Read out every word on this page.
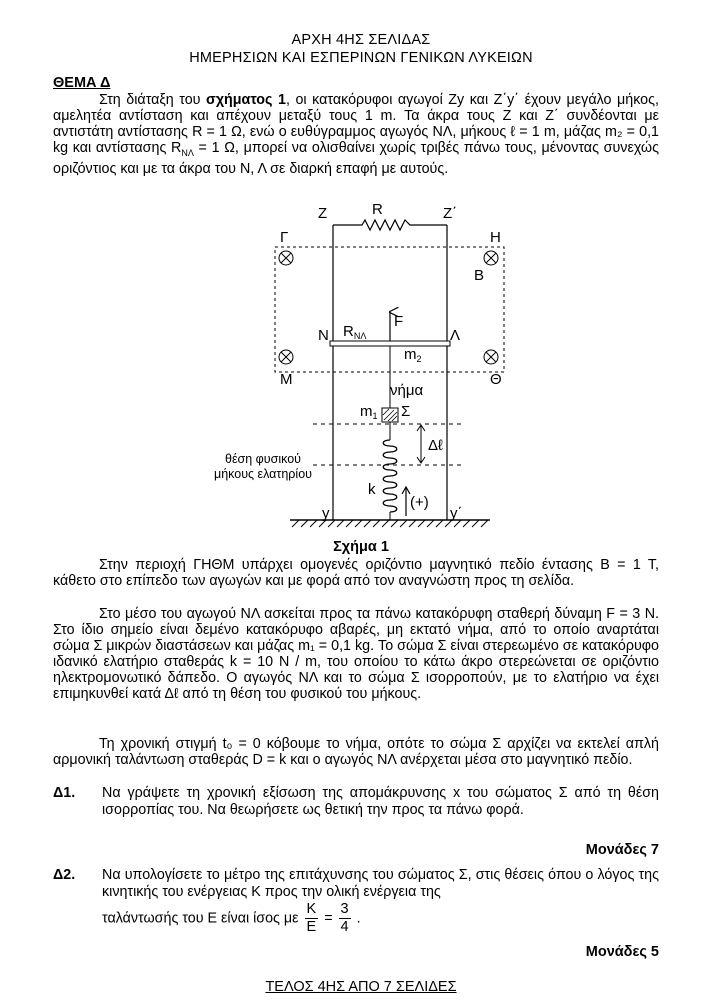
ΑΡΧΗ 4ΗΣ ΣΕΛΙΔΑΣ
ΗΜΕΡΗΣΙΩΝ ΚΑΙ ΕΣΠΕΡΙΝΩΝ ΓΕΝΙΚΩΝ ΛΥΚΕΙΩΝ
ΘΕΜΑ Δ

Στη διάταξη του σχήματος 1, οι κατακόρυφοι αγωγοί Ζy και Ζ΄y΄ έχουν μεγάλο μήκος, αμελητέα αντίσταση και απέχουν μεταξύ τους 1 m. Τα άκρα τους Ζ και Ζ΄ συνδέονται με αντιστάτη αντίστασης R = 1 Ω, ενώ ο ευθύγραμμος αγωγός ΝΛ, μήκους ℓ = 1 m, μάζας m₂ = 0,1 kg και αντίστασης $R_{N\Lambda} = 1$ Ω, μπορεί να ολισθαίνει χωρίς τριβές πάνω τους, μένοντας συνεχώς οριζόντιος και με τα άκρα του Ν, Λ σε διαρκή επαφή με αυτούς.

Ζ	R	Ζ΄
Γ	Η
B
Ν $R_{N\Lambda}$
F
Λ
$m_2$
Μ	Θ
νήμα
$m_1$ Σ
Δℓ
k
(+)
y	y΄
θέση φυσικού
μήκους ελατηρίου
Σχήμα 1

Στην περιοχή ΓΗΘΜ υπάρχει ομογενές οριζόντιο μαγνητικό πεδίο έντασης B = 1 T, κάθετο στο επίπεδο των αγωγών και με φορά από τον αναγνώστη προς τη σελίδα.

Στο μέσο του αγωγού ΝΛ ασκείται προς τα πάνω κατακόρυφη σταθερή δύναμη F = 3 N. Στο ίδιο σημείο είναι δεμένο κατακόρυφο αβαρές, μη εκτατό νήμα, από το οποίο αναρτάται σώμα Σ μικρών διαστάσεων και μάζας m₁ = 0,1 kg. Το σώμα Σ είναι στερεωμένο σε κατακόρυφο ιδανικό ελατήριο σταθεράς k = 10 N / m, του οποίου το κάτω άκρο στερεώνεται σε οριζόντιο ηλεκτρομονωτικό δάπεδο. Ο αγωγός ΝΛ και το σώμα Σ ισορροπούν, με το ελατήριο να έχει επιμηκυνθεί κατά Δℓ από τη θέση του φυσικού του μήκους.

Τη χρονική στιγμή t₀ = 0 κόβουμε το νήμα, οπότε το σώμα Σ αρχίζει να εκτελεί απλή αρμονική ταλάντωση σταθεράς D = k και ο αγωγός ΝΛ ανέρχεται μέσα στο μαγνητικό πεδίο.

Δ1. Να γράψετε τη χρονική εξίσωση της απομάκρυνσης x του σώματος Σ από τη θέση ισορροπίας του. Να θεωρήσετε ως θετική την προς τα πάνω φορά.

Μονάδες 7
Δ2. Να υπολογίσετε το μέτρο της επιτάχυνσης του σώματος Σ, στις θέσεις όπου ο λόγος της κινητικής του ενέργειας Κ προς την ολική ενέργεια της

ταλάντωσής του Ε είναι ίσος με $\frac{K}{E} = \frac{3}{4}$ .
Μονάδες 5
ΤΕΛΟΣ 4ΗΣ ΑΠΟ 7 ΣΕΛΙΔΕΣ
